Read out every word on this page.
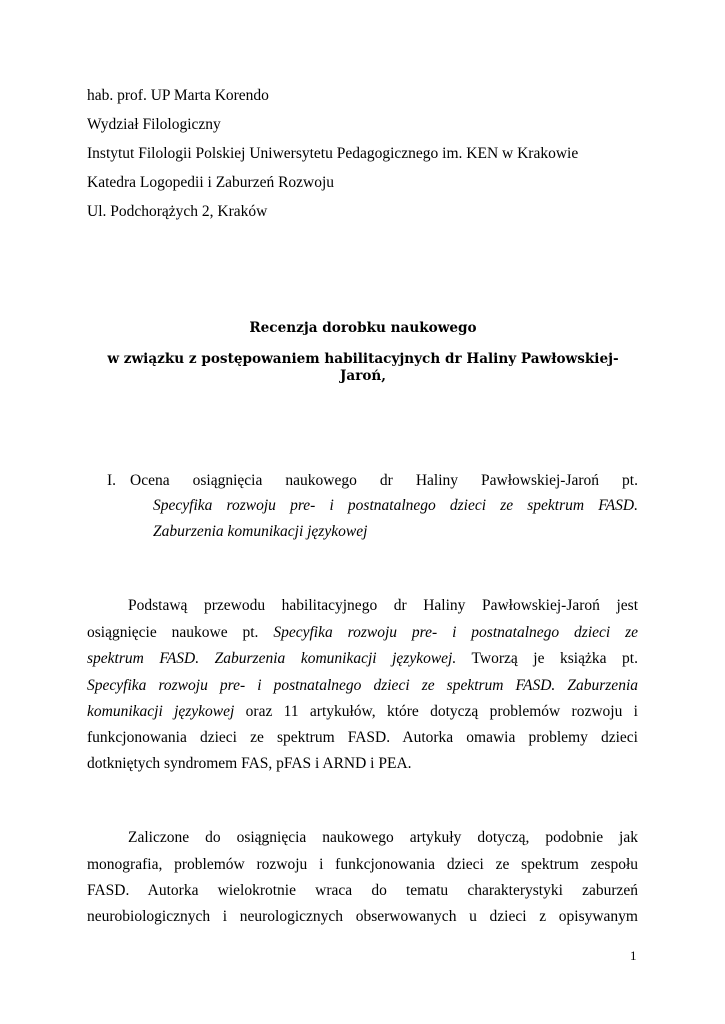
hab. prof. UP Marta Korendo
Wydział Filologiczny
Instytut Filologii Polskiej Uniwersytetu Pedagogicznego im. KEN w Krakowie
Katedra Logopedii i Zaburzeń Rozwoju
Ul. Podchorążych 2, Kraków
Recenzja dorobku naukowego
w związku z postępowaniem habilitacyjnych dr Haliny Pawłowskiej-
Jaroń,
I. Ocena osiągnięcia naukowego dr Haliny Pawłowskiej-Jaroń pt.
Specyfika rozwoju pre- i postnatalnego dzieci ze spektrum FASD.
Zaburzenia komunikacji językowej
Podstawą przewodu habilitacyjnego dr Haliny Pawłowskiej-Jaroń jest
osiągnięcie naukowe pt. Specyfika rozwoju pre- i postnatalnego dzieci ze
spektrum FASD. Zaburzenia komunikacji językowej. Tworzą je książka pt.
Specyfika rozwoju pre- i postnatalnego dzieci ze spektrum FASD. Zaburzenia
komunikacji językowej oraz 11 artykułów, które dotyczą problemów rozwoju i
funkcjonowania dzieci ze spektrum FASD. Autorka omawia problemy dzieci
dotkniętych syndromem FAS, pFAS i ARND i PEA.
Zaliczone do osiągnięcia naukowego artykuły dotyczą, podobnie jak
monografia, problemów rozwoju i funkcjonowania dzieci ze spektrum zespołu
FASD. Autorka wielokrotnie wraca do tematu charakterystyki zaburzeń
neurobiologicznych i neurologicznych obserwowanych u dzieci z opisywanym
1
